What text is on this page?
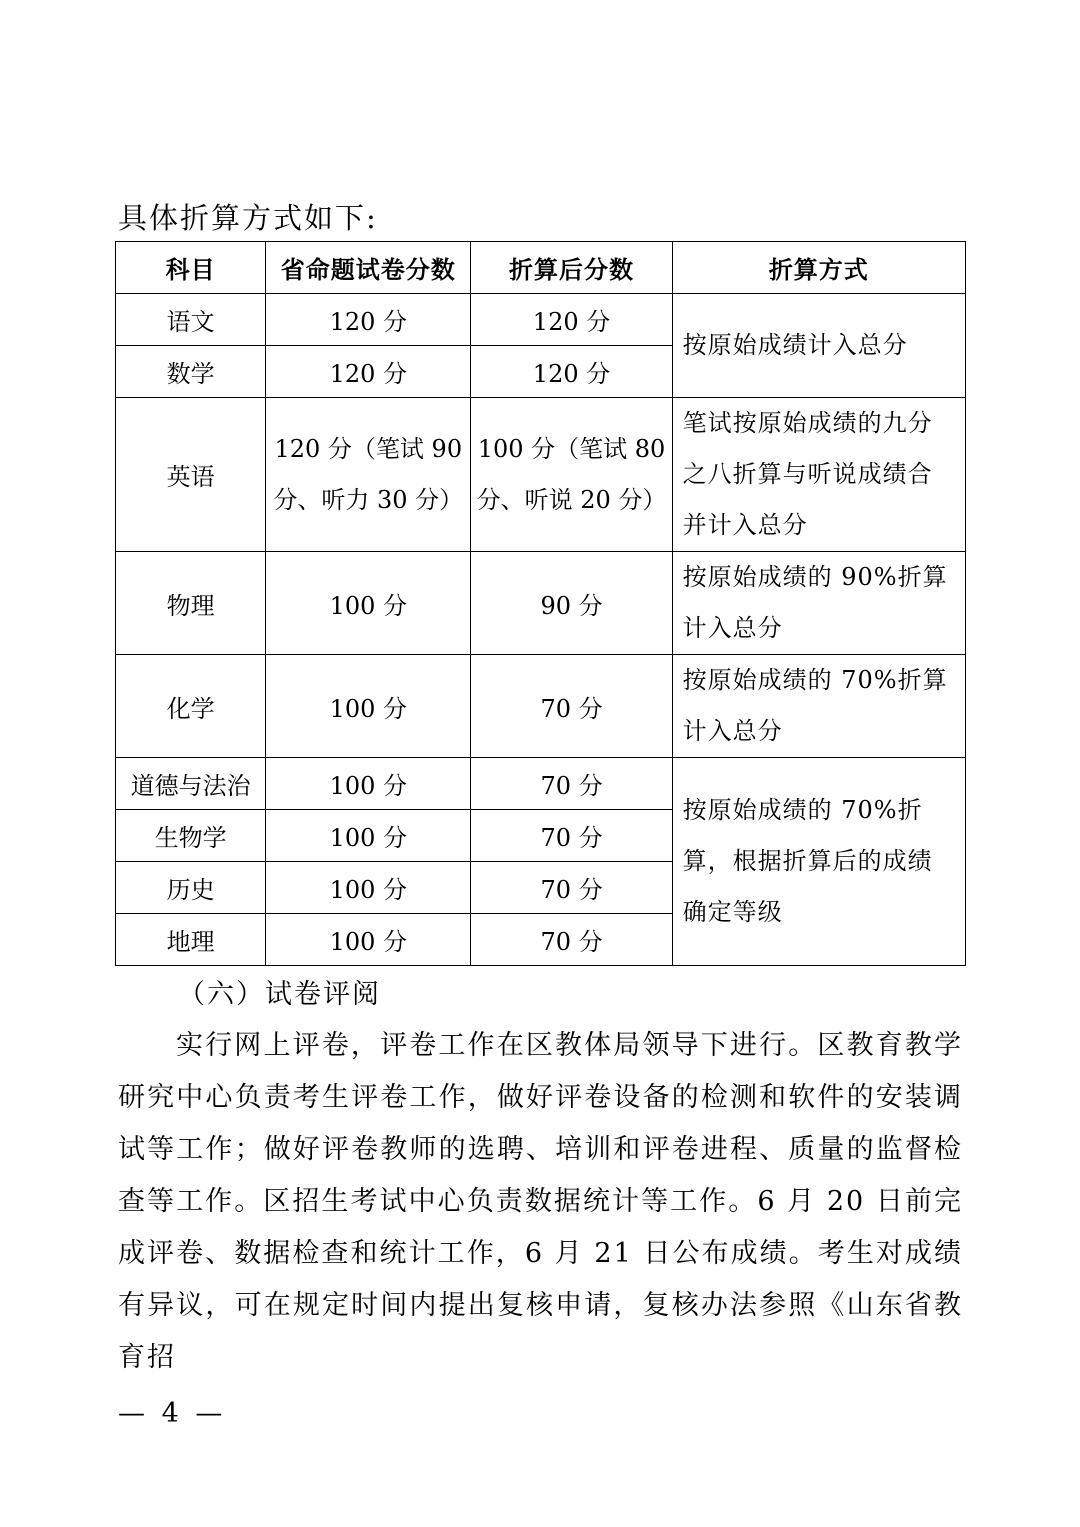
具体折算方式如下:
科目	省命题试卷分数	折算后分数	折算方式
语文	120 分	120 分	按原始成绩计入总分
数学	120 分	120 分	
英语	120 分（笔试 90 分、听力 30 分）	100 分（笔试 80 分、听说 20 分）	笔试按原始成绩的九分之八折算与听说成绩合并计入总分
物理	100 分	90 分	按原始成绩的 90%折算计入总分
化学	100 分	70 分	按原始成绩的 70%折算计入总分
道德与法治	100 分	70 分	按原始成绩的 70%折算，根据折算后的成绩确定等级
生物学	100 分	70 分	
历史	100 分	70 分	
地理	100 分	70 分	
（六）试卷评阅

实行网上评卷，评卷工作在区教体局领导下进行。区教育教学研究中心负责考生评卷工作，做好评卷设备的检测和软件的安装调试等工作；做好评卷教师的选聘、培训和评卷进程、质量的监督检查等工作。区招生考试中心负责数据统计等工作。6 月 20 日前完成评卷、数据检查和统计工作，6 月 21 日公布成绩。考生对成绩有异议，可在规定时间内提出复核申请，复核办法参照《山东省教育招

— 4 —
